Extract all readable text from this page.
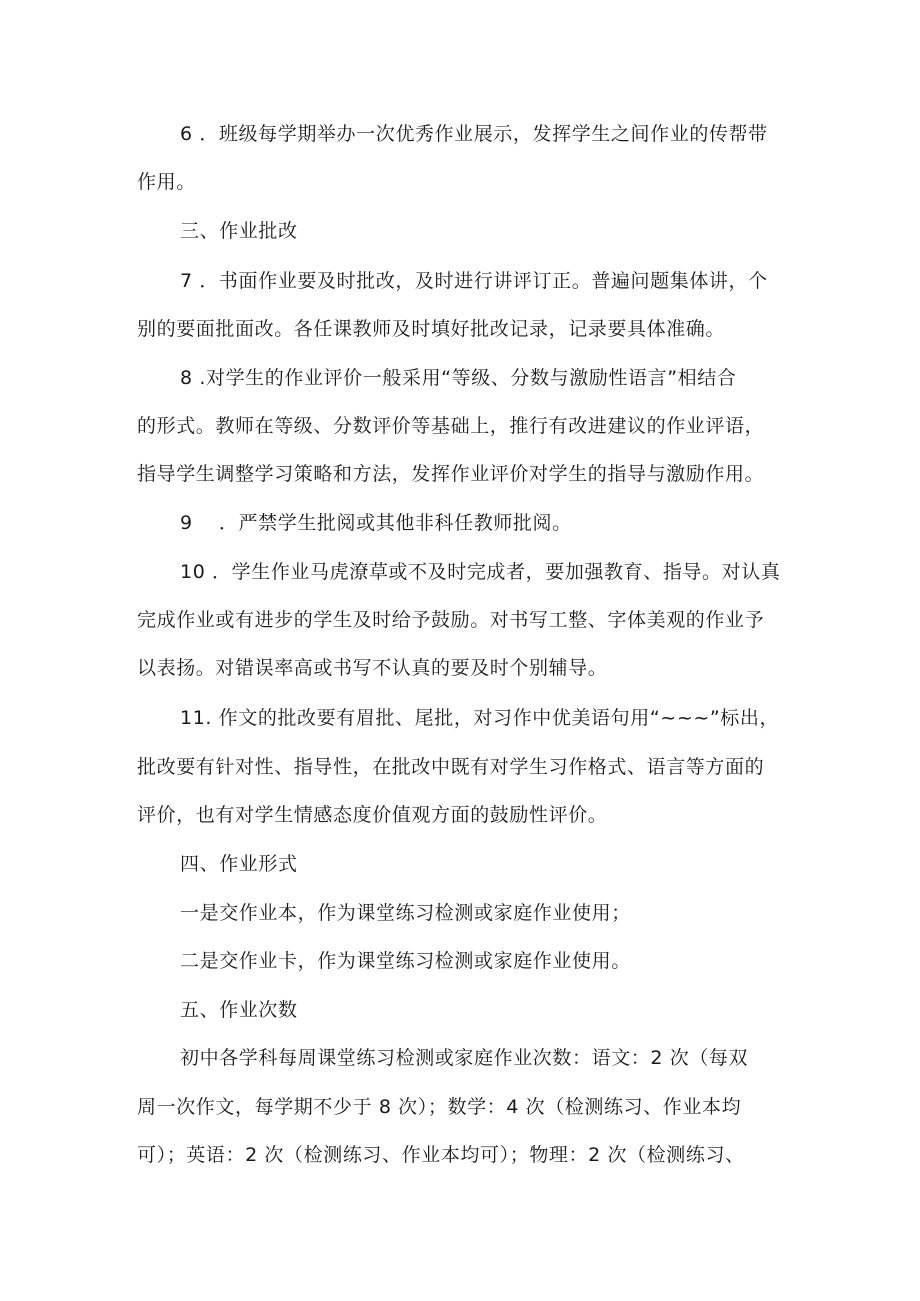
6 ．班级每学期举办一次优秀作业展示，发挥学生之间作业的传帮带
作用。
三、作业批改
7 ．书面作业要及时批改，及时进行讲评订正。普遍问题集体讲，个
别的要面批面改。各任课教师及时填好批改记录，记录要具体准确。
8 .对学生的作业评价一般采用“等级、分数与激励性语言”相结合
的形式。教师在等级、分数评价等基础上，推行有改进建议的作业评语，
指导学生调整学习策略和方法，发挥作业评价对学生的指导与激励作用。
9 　．严禁学生批阅或其他非科任教师批阅。
10 ．学生作业马虎潦草或不及时完成者，要加强教育、指导。对认真
完成作业或有进步的学生及时给予鼓励。对书写工整、字体美观的作业予
以表扬。对错误率高或书写不认真的要及时个别辅导。
11. 作文的批改要有眉批、尾批，对习作中优美语句用“~~~”标出，
批改要有针对性、指导性，在批改中既有对学生习作格式、语言等方面的
评价，也有对学生情感态度价值观方面的鼓励性评价。
四、作业形式
一是交作业本，作为课堂练习检测或家庭作业使用；
二是交作业卡，作为课堂练习检测或家庭作业使用。
五、作业次数
初中各学科每周课堂练习检测或家庭作业次数：语文：2 次（每双
周一次作文，每学期不少于 8 次）；数学：4 次（检测练习、作业本均
可）；英语：2 次（检测练习、作业本均可）；物理：2 次（检测练习、
